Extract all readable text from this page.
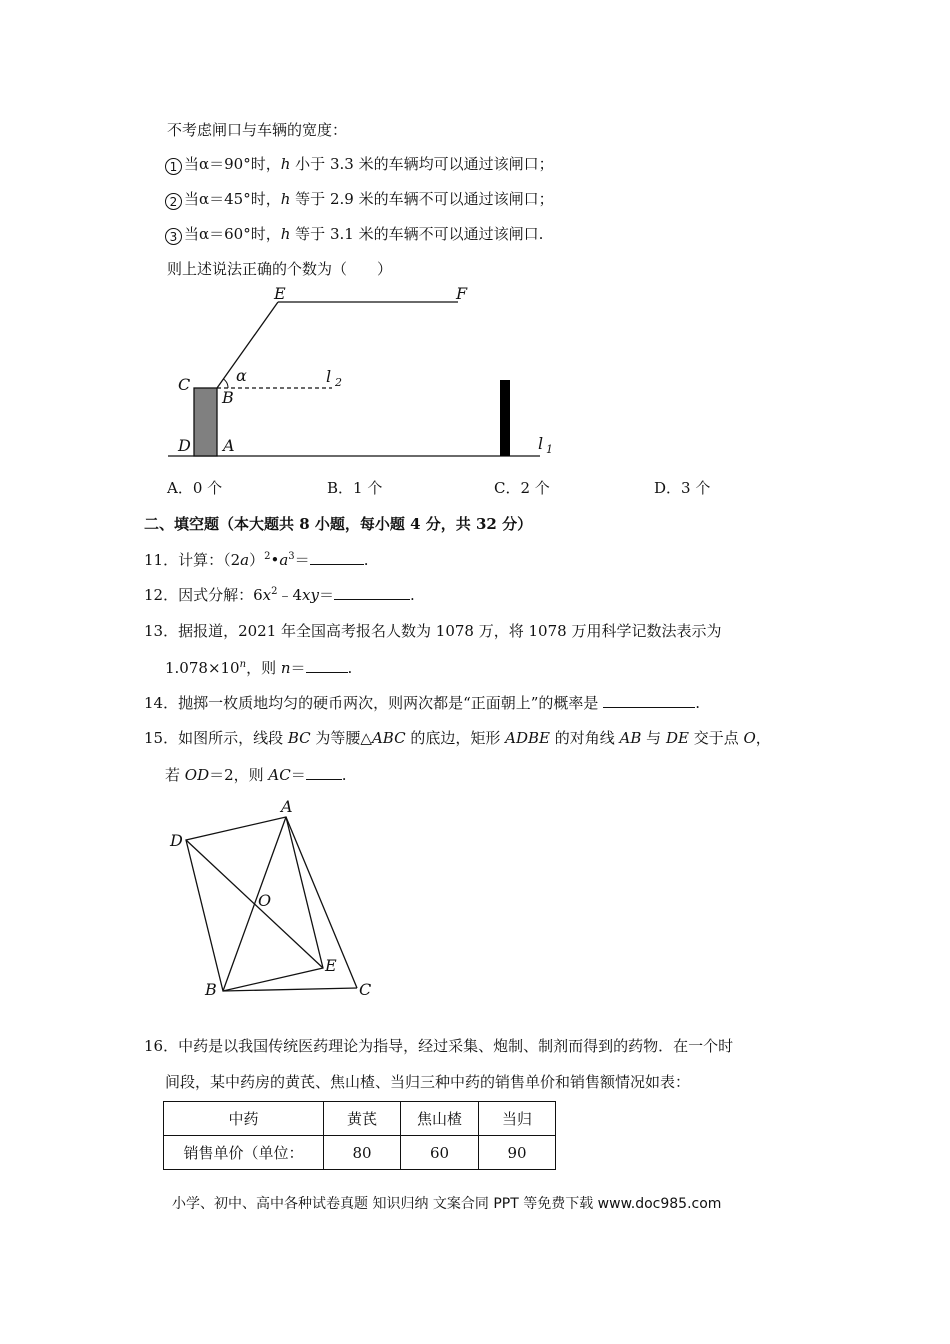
不考虑闸口与车辆的宽度：
1 当α＝90°时，h 小于 3.3 米的车辆均可以通过该闸口；
2 当α＝45°时，h 等于 2.9 米的车辆不可以通过该闸口；
3 当α＝60°时，h 等于 3.1 米的车辆不可以通过该闸口.
则上述说法正确的个数为（　　）
E	F
C
B
D A
α	l 2
l 1
A．0 个	B．1 个	C．2 个	D．3 个
二、填空题（本大题共 8 小题，每小题 4 分，共 32 分）
11．计算：$(2a)^2•a^3=$	.
12．因式分解：$6x^2﹣4xy=$	.
13．据报道，2021 年全国高考报名人数为 1078 万，将 1078 万用科学记数法表示为
$1.078\times 10^n$，则 n＝	.
14．抛掷一枚质地均匀的硬币两次，则两次都是“正面朝上”的概率是	.
15．如图所示，线段 BC 为等腰△ABC 的底边，矩形 ADBE 的对角线 AB 与 DE 交于点 O，
若 OD＝2，则 AC＝ .
A
D
O
E
B	C
16．中药是以我国传统医药理论为指导，经过采集、炮制、制剂而得到的药物．在一个时
间段，某中药房的黄芪、焦山楂、当归三种中药的销售单价和销售额情况如表：
中药	黄芪	焦山楂	当归
销售单价（单位：	80	60	90
小学、初中、高中各种试卷真题 知识归纳 文案合同 PPT 等免费下载 www.doc985.com
